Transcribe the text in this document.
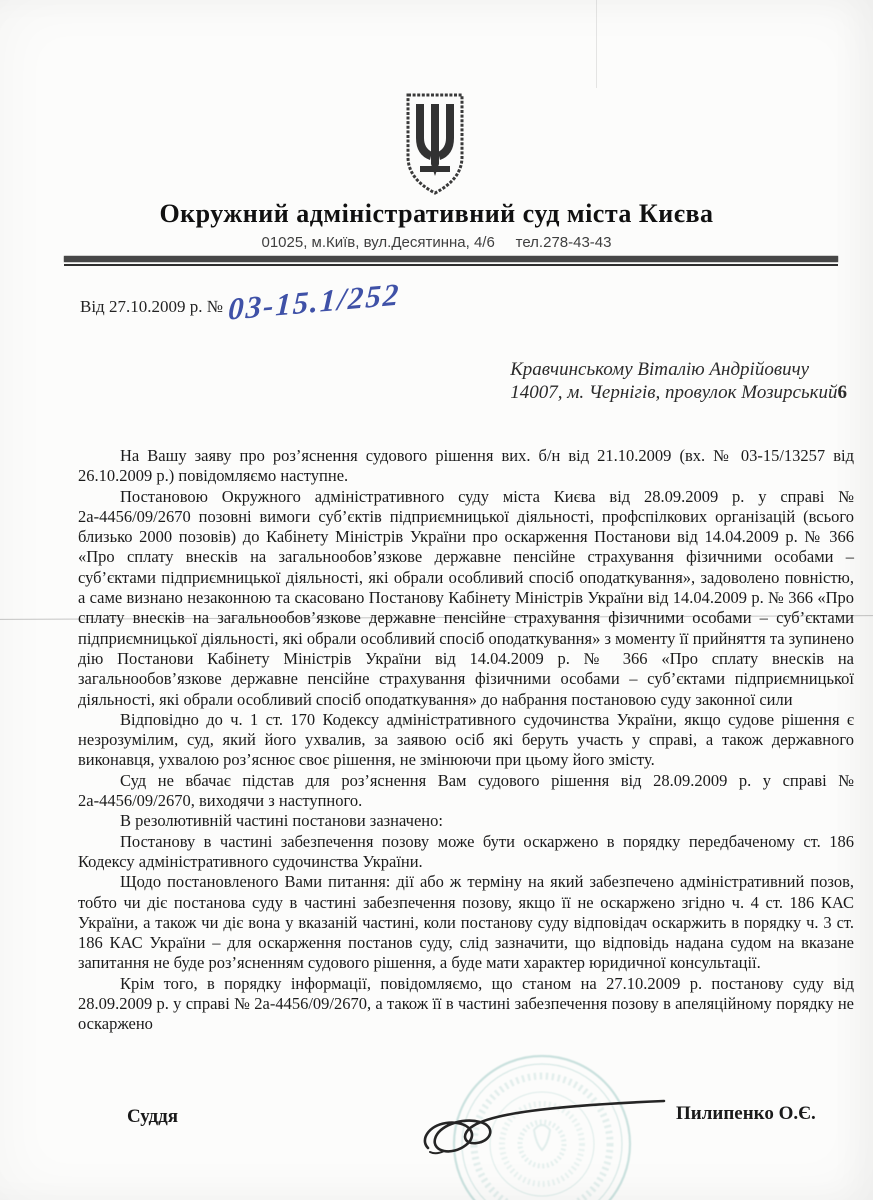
Окружний адміністративний суд міста Києва
01025, м.Київ, вул.Десятинна, 4/6     тел.278-43-43
Від 27.10.2009 р. № 03-15.1/252
Кравчинському Віталію Андрійовичу
14007, м. Чернігів, провулок Мозирський6

На Вашу заяву про роз’яснення судового рішення вих. б/н від 21.10.2009 (вх. № 03-15/13257 від 26.10.2009 р.) повідомляємо наступне.

Постановою Окружного адміністративного суду міста Києва від 28.09.2009 р. у справі № 2а-4456/09/2670 позовні вимоги суб’єктів підприємницької діяльності, профспілкових організацій (всього близько 2000 позовів) до Кабінету Міністрів України про оскарження Постанови від 14.04.2009 р. № 366 «Про сплату внесків на загальнообов’язкове державне пенсійне страхування фізичними особами – суб’єктами підприємницької діяльності, які обрали особливий спосіб оподаткування», задоволено повністю, а саме визнано незаконною та скасовано Постанову Кабінету Міністрів України від 14.04.2009 р. № 366 «Про сплату внесків на загальнообов’язкове державне пенсійне страхування фізичними особами – суб’єктами підприємницької діяльності, які обрали особливий спосіб оподаткування» з моменту її прийняття та зупинено дію Постанови Кабінету Міністрів України від 14.04.2009 р. № 366 «Про сплату внесків на загальнообов’язкове державне пенсійне страхування фізичними особами – суб’єктами підприємницької діяльності, які обрали особливий спосіб оподаткування» до набрання постановою суду законної сили

Відповідно до ч. 1 ст. 170 Кодексу адміністративного судочинства України, якщо судове рішення є незрозумілим, суд, який його ухвалив, за заявою осіб які беруть участь у справі, а також державного виконавця, ухвалою роз’яснює своє рішення, не змінюючи при цьому його змісту.

Суд не вбачає підстав для роз’яснення Вам судового рішення від 28.09.2009 р. у справі № 2а-4456/09/2670, виходячи з наступного.

В резолютивній частині постанови зазначено:

Постанову в частині забезпечення позову може бути оскаржено в порядку передбаченому ст. 186 Кодексу адміністративного судочинства України.

Щодо постановленого Вами питання: дії або ж терміну на який забезпечено адміністративний позов, тобто чи діє постанова суду в частині забезпечення позову, якщо її не оскаржено згідно ч. 4 ст. 186 КАС України, а також чи діє вона у вказаній частині, коли постанову суду відповідач оскаржить в порядку ч. 3 ст. 186 КАС України – для оскарження постанов суду, слід зазначити, що відповідь надана судом на вказане запитання не буде роз’ясненням судового рішення, а буде мати характер юридичної консультації.

Крім того, в порядку інформації, повідомляємо, що станом на 27.10.2009 р. постанову суду від 28.09.2009 р. у справі № 2а-4456/09/2670, а також її в частині забезпечення позову в апеляційному порядку не оскаржено

Суддя	Пилипенко О.Є.
